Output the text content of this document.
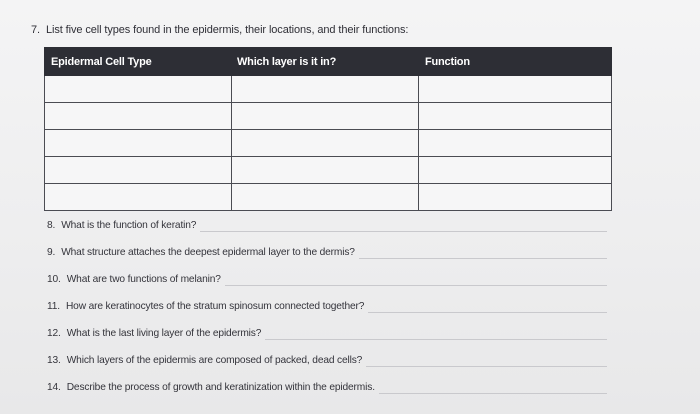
7. List five cell types found in the epidermis, their locations, and their functions:
Epidermal Cell Type	Which layer is it in?	Function

8. What is the function of keratin?
9. What structure attaches the deepest epidermal layer to the dermis?
10. What are two functions of melanin?
11. How are keratinocytes of the stratum spinosum connected together?
12. What is the last living layer of the epidermis?
13. Which layers of the epidermis are composed of packed, dead cells?
14. Describe the process of growth and keratinization within the epidermis.
